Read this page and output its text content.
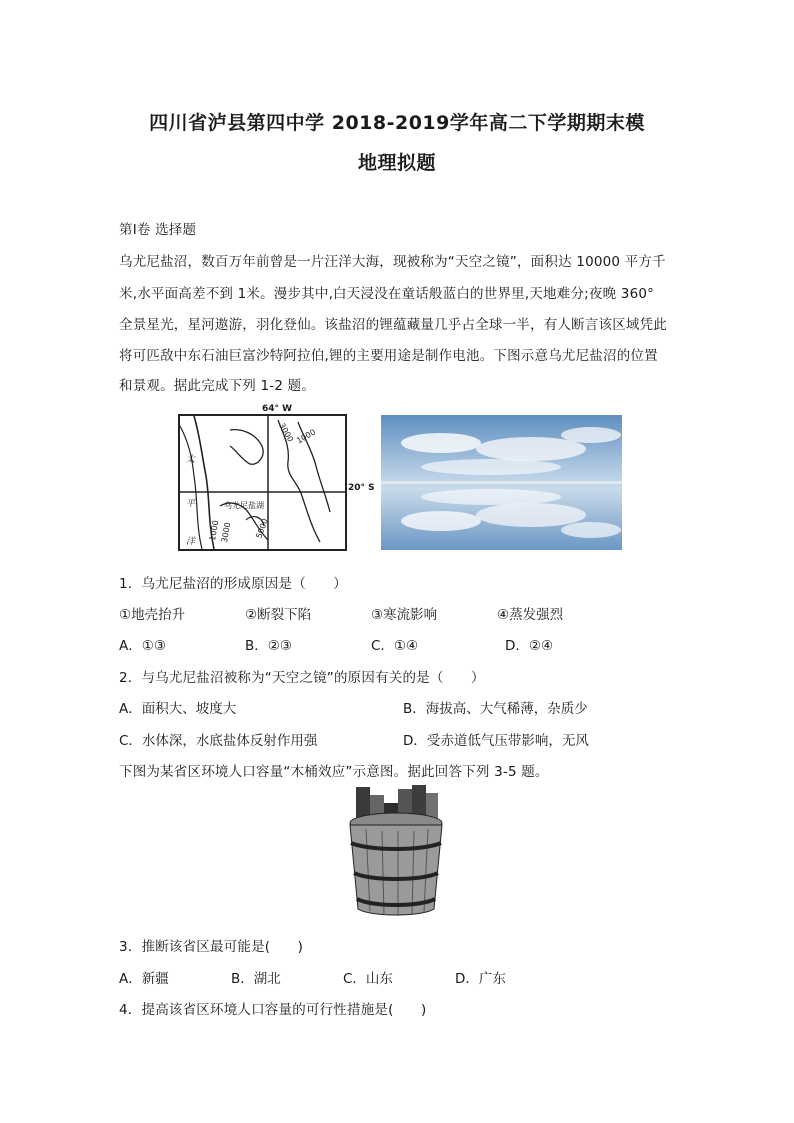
四川省泸县第四中学 2018-2019学年高二下学期期末模
地理拟题
第Ⅰ卷 选择题
乌尤尼盐沼，数百万年前曾是一片汪洋大海，现被称为“天空之镜”，面积达 10000 平方千
米,水平面高差不到 1米。漫步其中,白天浸没在童话般蓝白的世界里,天地难分;夜晚 360°
全景星光，星河遨游，羽化登仙。该盐沼的锂蕴藏量几乎占全球一半，有人断言该区域凭此
将可匹敌中东石油巨富沙特阿拉伯,锂的主要用途是制作电池。下图示意乌尤尼盐沼的位置
和景观。据此完成下列 1-2 题。
64° W
20° S
太
平
洋
乌尤尼盐湖
3000 1000
1000 3000	5000
1．乌尤尼盐沼的形成原因是（　　）
①地壳抬升	②断裂下陷	③寒流影响	④蒸发强烈
A．①③	B．②③	C．①④	D．②④
2．与乌尤尼盐沼被称为“天空之镜”的原因有关的是（　　）
A．面积大、坡度大	B．海拔高、大气稀薄，杂质少
C．水体深，水底盐体反射作用强	D．受赤道低气压带影响，无风
下图为某省区环境人口容量“木桶效应”示意图。据此回答下列 3-5 题。
3．推断该省区最可能是(　　)
A．新疆	B．湖北	C．山东	D．广东
4．提高该省区环境人口容量的可行性措施是(　　)
